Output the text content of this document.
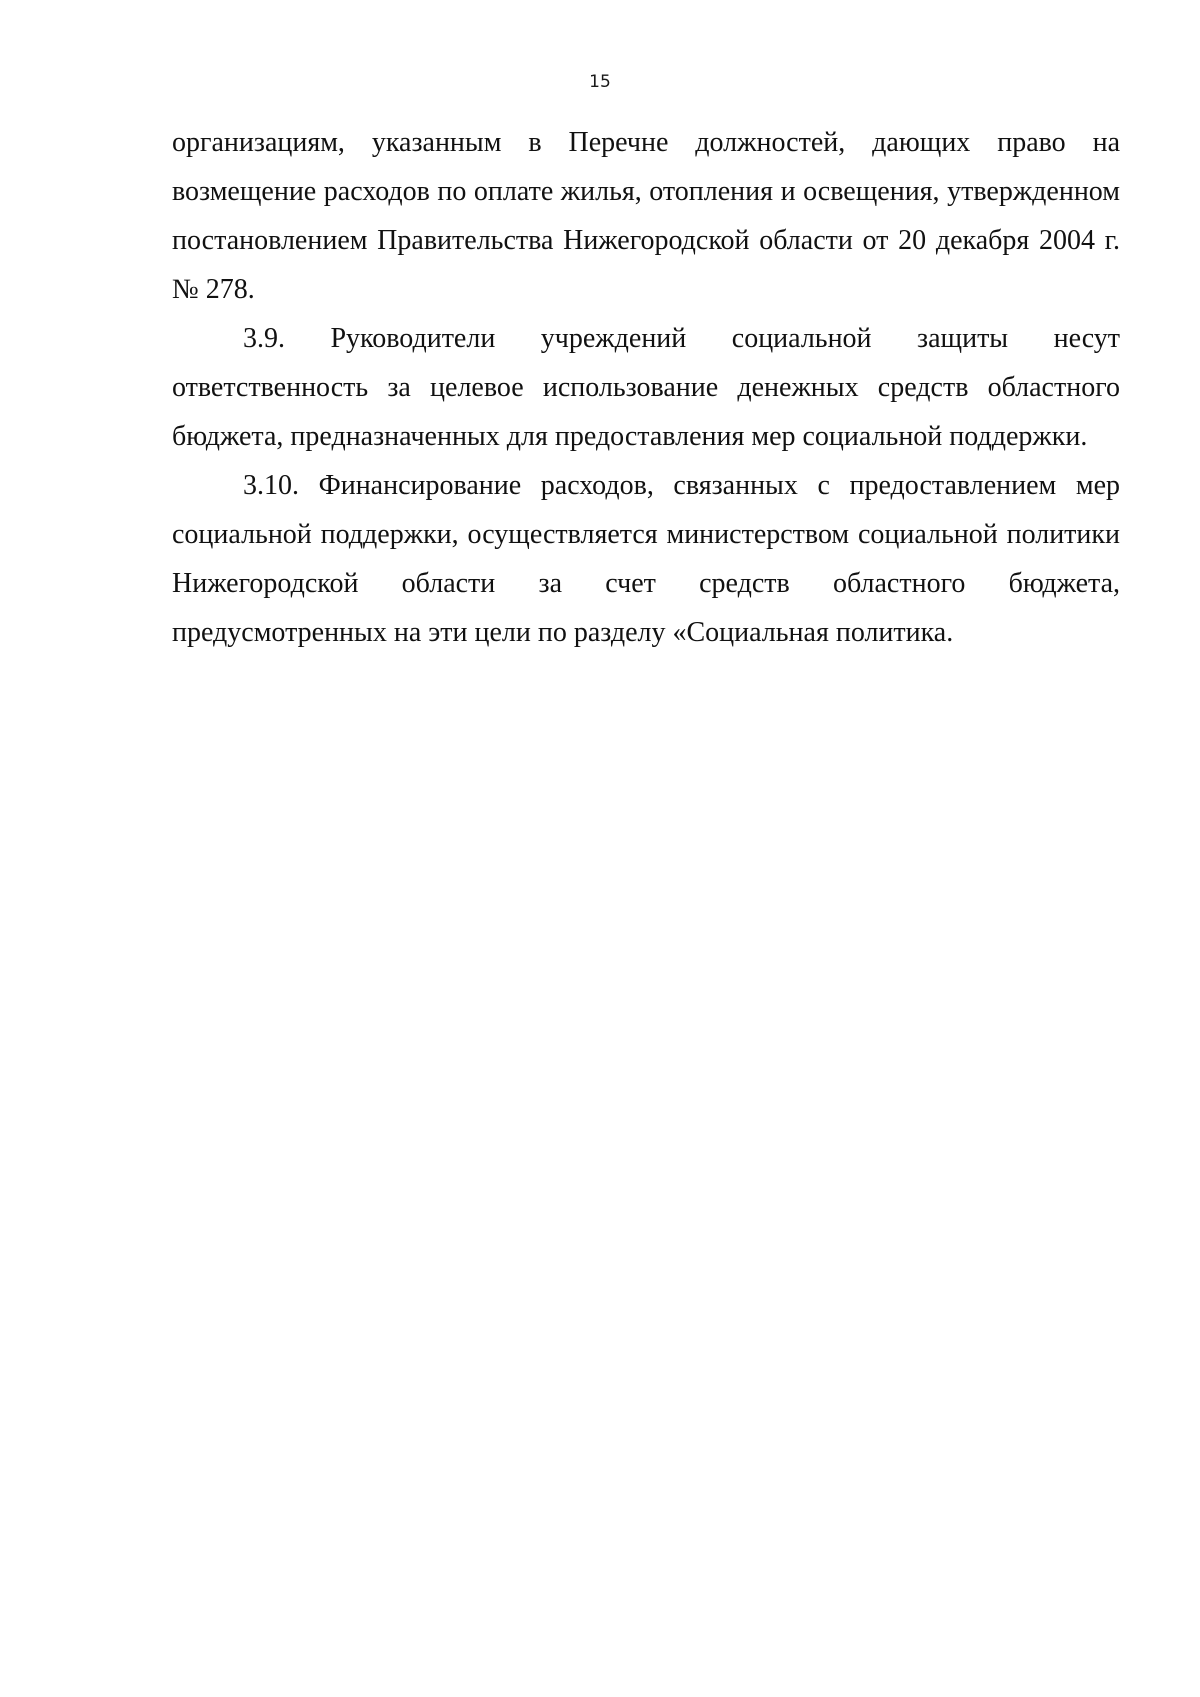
15

организациям, указанным в Перечне должностей, дающих право на возмещение расходов по оплате жилья, отопления и освещения, утвержденном постановлением Правительства Нижегородской области от 20 декабря 2004 г. № 278.

3.9. Руководители учреждений социальной защиты несут ответственность за целевое использование денежных средств областного бюджета, предназначенных для предоставления мер социальной поддержки.

3.10. Финансирование расходов, связанных с предоставлением мер социальной поддержки, осуществляется министерством социальной политики Нижегородской области за счет средств областного бюджета, предусмотренных на эти цели по разделу «Социальная политика.
